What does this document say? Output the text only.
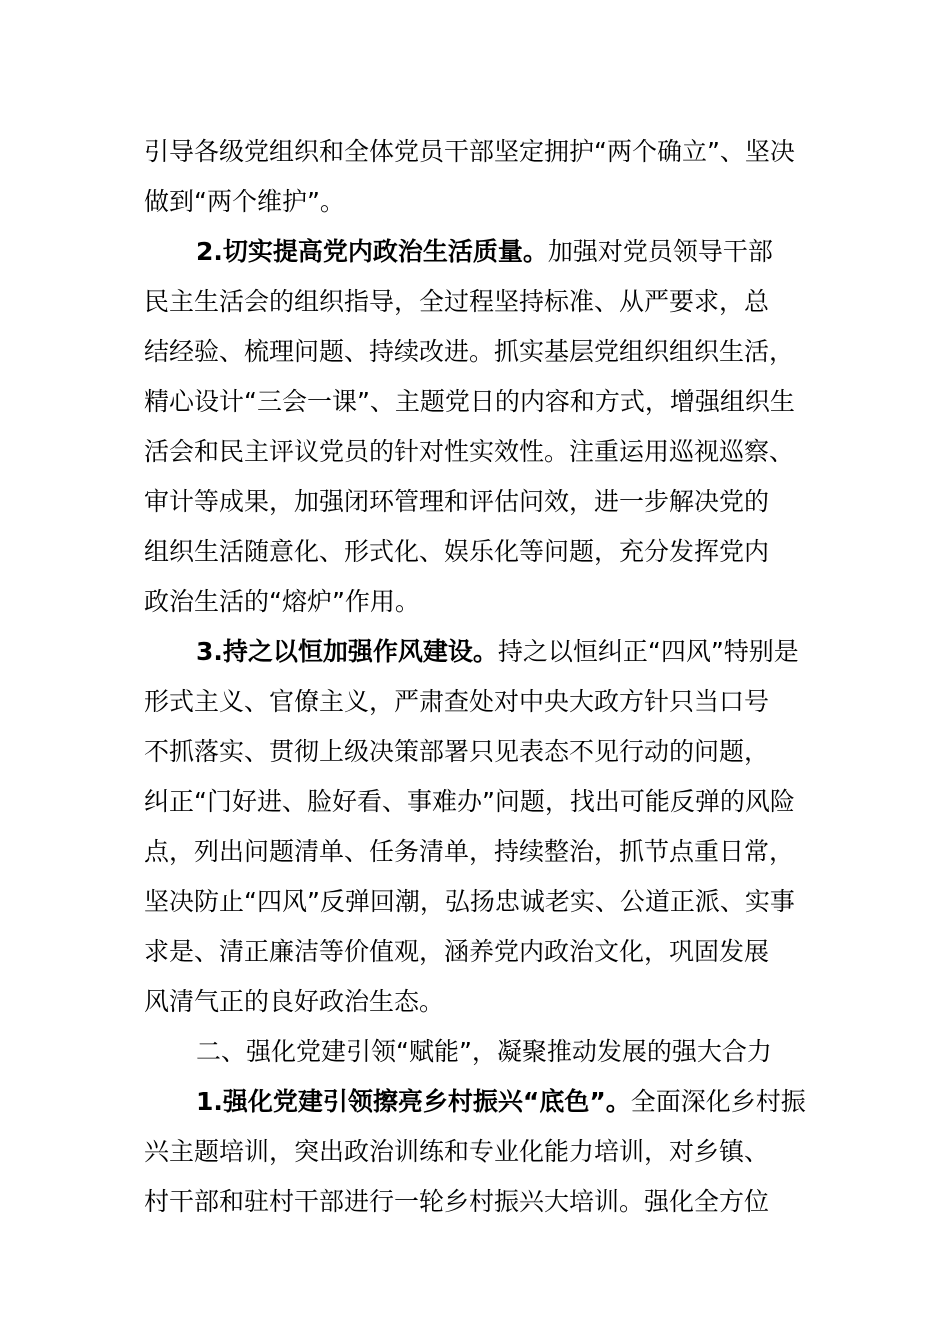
引导各级党组织和全体党员干部坚定拥护“两个确立”、坚决
做到“两个维护”。
2.切实提高党内政治生活质量。加强对党员领导干部
民主生活会的组织指导，全过程坚持标准、从严要求，总
结经验、梳理问题、持续改进。抓实基层党组织组织生活，
精心设计“三会一课”、主题党日的内容和方式，增强组织生
活会和民主评议党员的针对性实效性。注重运用巡视巡察、
审计等成果，加强闭环管理和评估问效，进一步解决党的
组织生活随意化、形式化、娱乐化等问题，充分发挥党内
政治生活的“熔炉”作用。
3.持之以恒加强作风建设。持之以恒纠正“四风”特别是
形式主义、官僚主义，严肃查处对中央大政方针只当口号
不抓落实、贯彻上级决策部署只见表态不见行动的问题，
纠正“门好进、脸好看、事难办”问题，找出可能反弹的风险
点，列出问题清单、任务清单，持续整治，抓节点重日常，
坚决防止“四风”反弹回潮，弘扬忠诚老实、公道正派、实事
求是、清正廉洁等价值观，涵养党内政治文化，巩固发展
风清气正的良好政治生态。
二、强化党建引领“赋能”，凝聚推动发展的强大合力
1.强化党建引领擦亮乡村振兴“底色”。全面深化乡村振
兴主题培训，突出政治训练和专业化能力培训，对乡镇、
村干部和驻村干部进行一轮乡村振兴大培训。强化全方位
